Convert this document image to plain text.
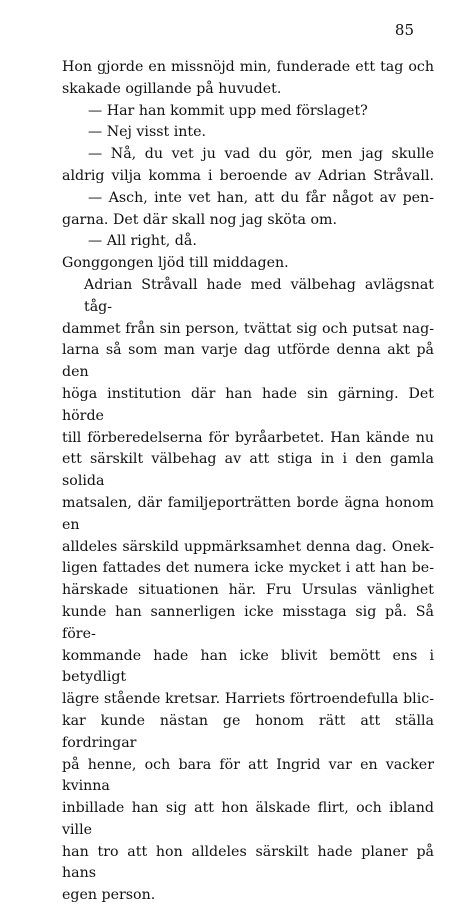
85
Hon gjorde en missnöjd min, funderade ett tag och
skakade ogillande på huvudet.
— Har han kommit upp med förslaget?
— Nej visst inte.
— Nå, du vet ju vad du gör, men jag skulle
aldrig vilja komma i beroende av Adrian Stråvall.
— Asch, inte vet han, att du får något av pen-
garna. Det där skall nog jag sköta om.
— All right, då.
Gonggongen ljöd till middagen.
Adrian Stråvall hade med välbehag avlägsnat tåg-
dammet från sin person, tvättat sig och putsat nag-
larna så som man varje dag utförde denna akt på den
höga institution där han hade sin gärning. Det hörde
till förberedelserna för byråarbetet. Han kände nu
ett särskilt välbehag av att stiga in i den gamla solida
matsalen, där familjeporträtten borde ägna honom en
alldeles särskild uppmärksamhet denna dag. Onek-
ligen fattades det numera icke mycket i att han be-
härskade situationen här. Fru Ursulas vänlighet
kunde han sannerligen icke misstaga sig på. Så före-
kommande hade han icke blivit bemött ens i betydligt
lägre stående kretsar. Harriets förtroendefulla blic-
kar kunde nästan ge honom rätt att ställa fordringar
på henne, och bara för att Ingrid var en vacker kvinna
inbillade han sig att hon älskade flirt, och ibland ville
han tro att hon alldeles särskilt hade planer på hans
egen person.
